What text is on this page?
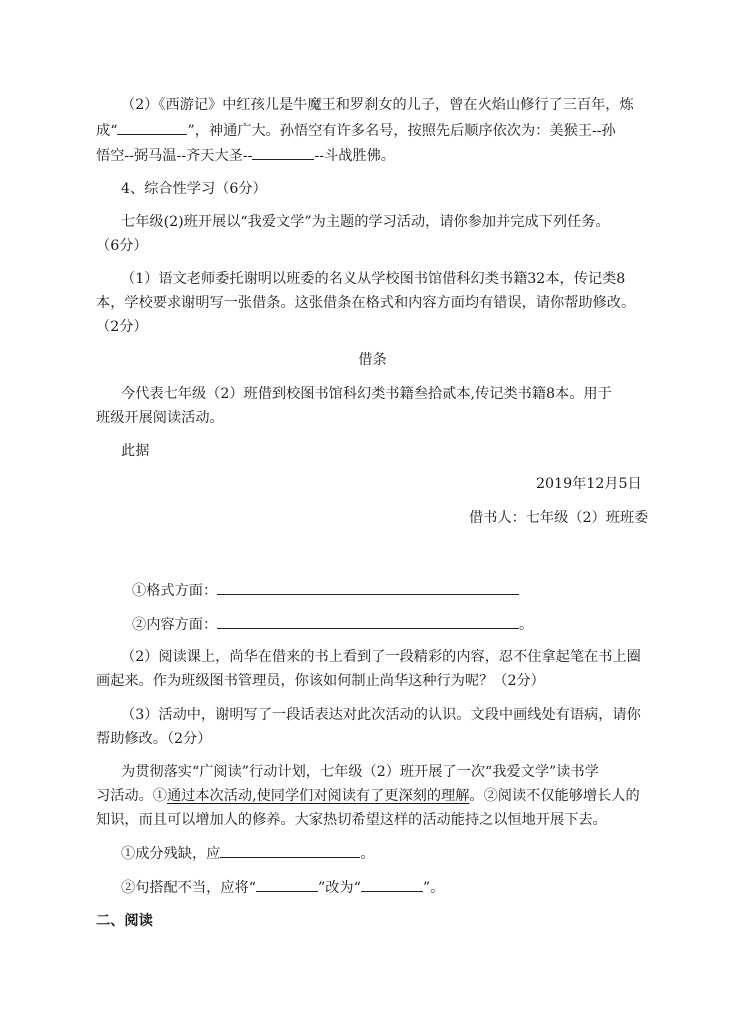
（2）《西游记》中红孩儿是牛魔王和罗刹女的儿子，曾在火焰山修行了三百年，炼
成“	”，神通广大。孙悟空有许多名号，按照先后顺序依次为：美猴王--孙
悟空--弼马温--齐天大圣--	--斗战胜佛。
4、综合性学习（6分）
七年级(2)班开展以“我爱文学”为主题的学习活动，请你参加并完成下列任务。
（6分）
（1）语文老师委托谢明以班委的名义从学校图书馆借科幻类书籍32本，传记类8
本，学校要求谢明写一张借条。这张借条在格式和内容方面均有错误，请你帮助修改。
（2分）
借条
今代表七年级（2）班借到校图书馆科幻类书籍叁拾贰本,传记类书籍8本。用于
班级开展阅读活动。
此据
2019年12月5日
借书人：七年级（2）班班委
①格式方面：
②内容方面：	。
（2）阅读课上，尚华在借来的书上看到了一段精彩的内容，忍不住拿起笔在书上圈
画起来。作为班级图书管理员，你该如何制止尚华这种行为呢？（2分）
（3）活动中，谢明写了一段话表达对此次活动的认识。文段中画线处有语病，请你
帮助修改。（2分）
为贯彻落实“广阅读”行动计划，七年级（2）班开展了一次“我爱文学”读书学
习活动。①通过本次活动,使同学们对阅读有了更深刻的理解。②阅读不仅能够增长人的
知识，而且可以增加人的修养。大家热切希望这样的活动能持之以恒地开展下去。
①成分残缺，应	。
②句搭配不当，应将“	”改为“	”。
二、阅读
